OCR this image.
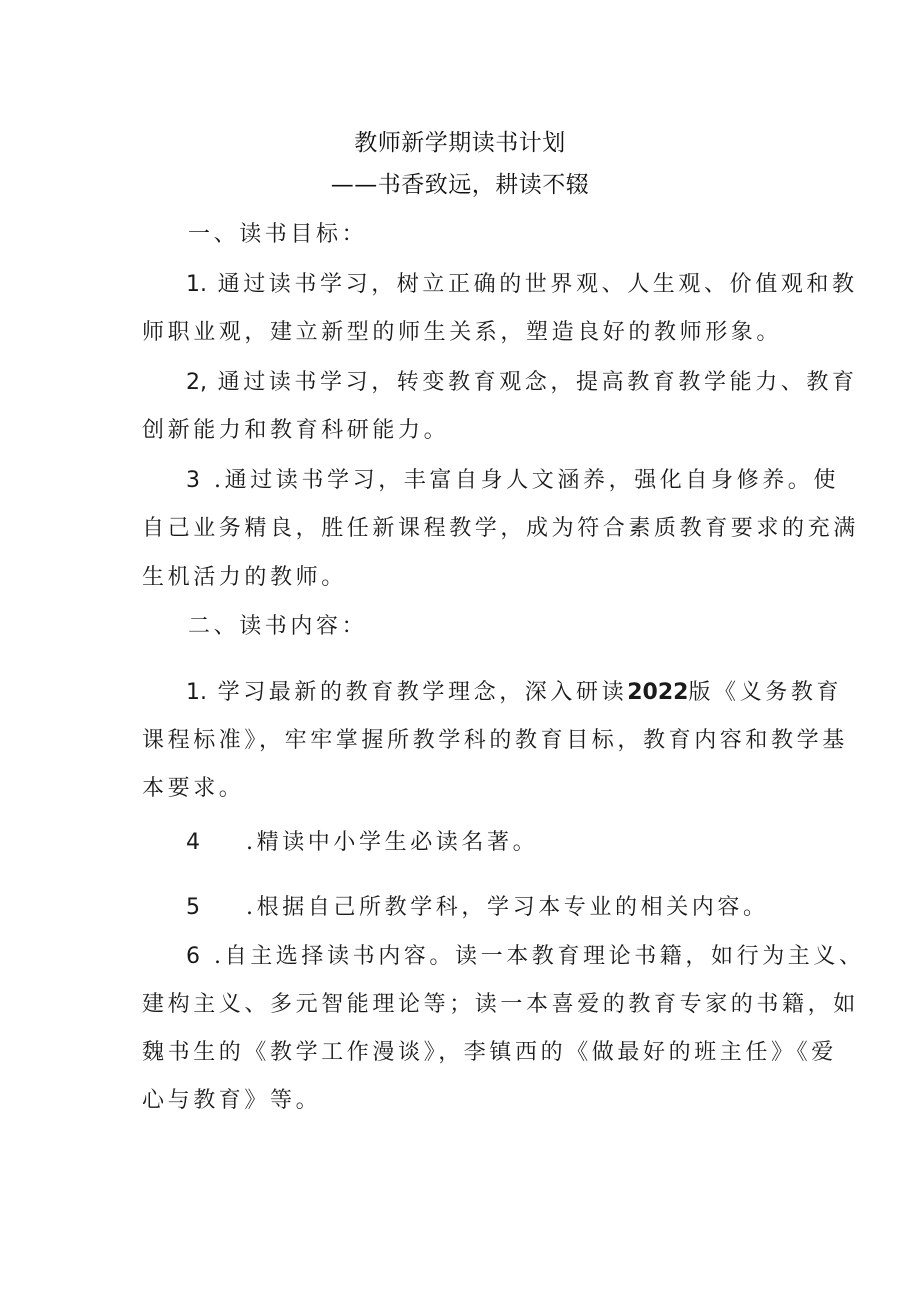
教师新学期读书计划
——书香致远，耕读不辍
一、读书目标：
1. 通过读书学习，树立正确的世界观、人生观、价值观和教
师职业观，建立新型的师生关系，塑造良好的教师形象。
2, 通过读书学习，转变教育观念，提高教育教学能力、教育
创新能力和教育科研能力。
3 .通过读书学习，丰富自身人文涵养，强化自身修养。使
自己业务精良，胜任新课程教学，成为符合素质教育要求的充满
生机活力的教师。
二、读书内容：
1. 学习最新的教育教学理念，深入研读2022版《义务教育
课程标准》，牢牢掌握所教学科的教育目标，教育内容和教学基
本要求。
4 .精读中小学生必读名著。
5 .根据自己所教学科，学习本专业的相关内容。
6 .自主选择读书内容。读一本教育理论书籍，如行为主义、
建构主义、多元智能理论等；读一本喜爱的教育专家的书籍，如
魏书生的《教学工作漫谈》，李镇西的《做最好的班主任》《爱
心与教育》等。
